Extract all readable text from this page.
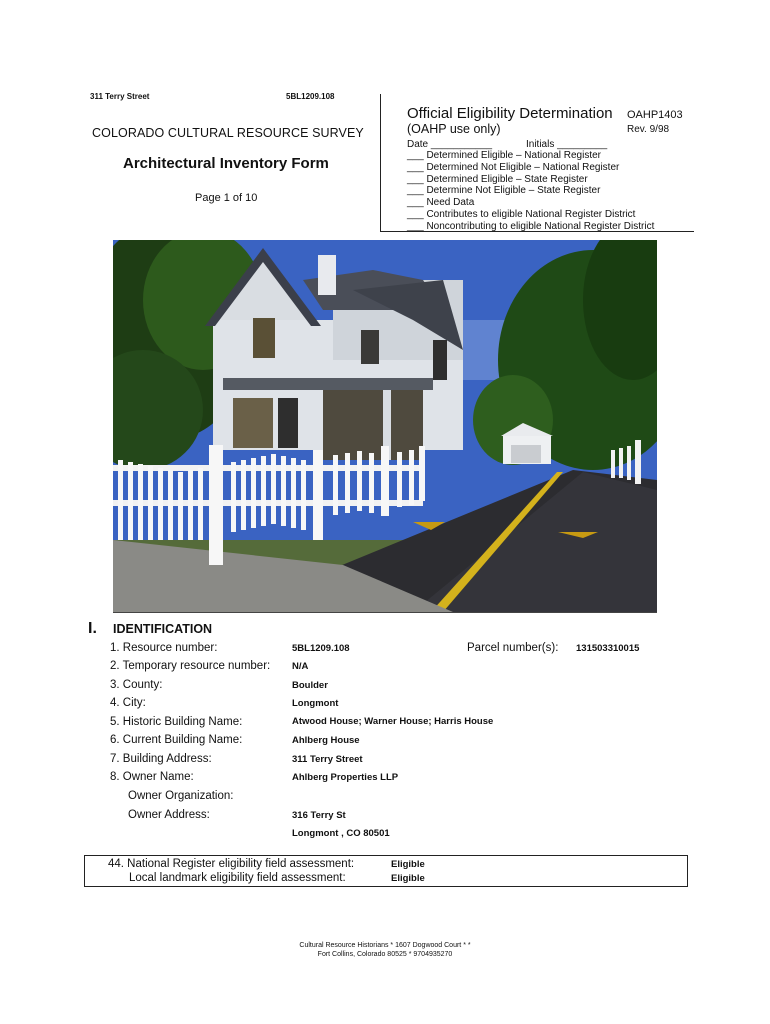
311 Terry Street	5BL1209.108
COLORADO CULTURAL RESOURCE SURVEY
Architectural Inventory Form
Page 1 of 10
Official Eligibility Determination
(OAHP use only)
OAHP1403
Rev. 9/98
Date ___________	Initials _________
___ Determined Eligible – National Register
___ Determined Not Eligible – National Register
___ Determined Eligible – State Register
___ Determine Not Eligible – State Register
___ Need Data
___ Contributes to eligible National Register District
___ Noncontributing to eligible National Register District
I. IDENTIFICATION
1. Resource number:	5BL1209.108	Parcel number(s): 131503310015
2. Temporary resource number: N/A
3. County:	Boulder
4. City:	Longmont
5. Historic Building Name:	Atwood House; Warner House; Harris House
6. Current Building Name:	Ahlberg House
7. Building Address:	311 Terry Street
8. Owner Name:	Ahlberg Properties LLP
Owner Organization:
Owner Address:	316 Terry St
Longmont , CO 80501
44. National Register eligibility field assessment:	Eligible
Local landmark eligibility field assessment:	Eligible
Cultural Resource Historians * 1607 Dogwood Court * *
Fort Collins, Colorado 80525 * 9704935270
